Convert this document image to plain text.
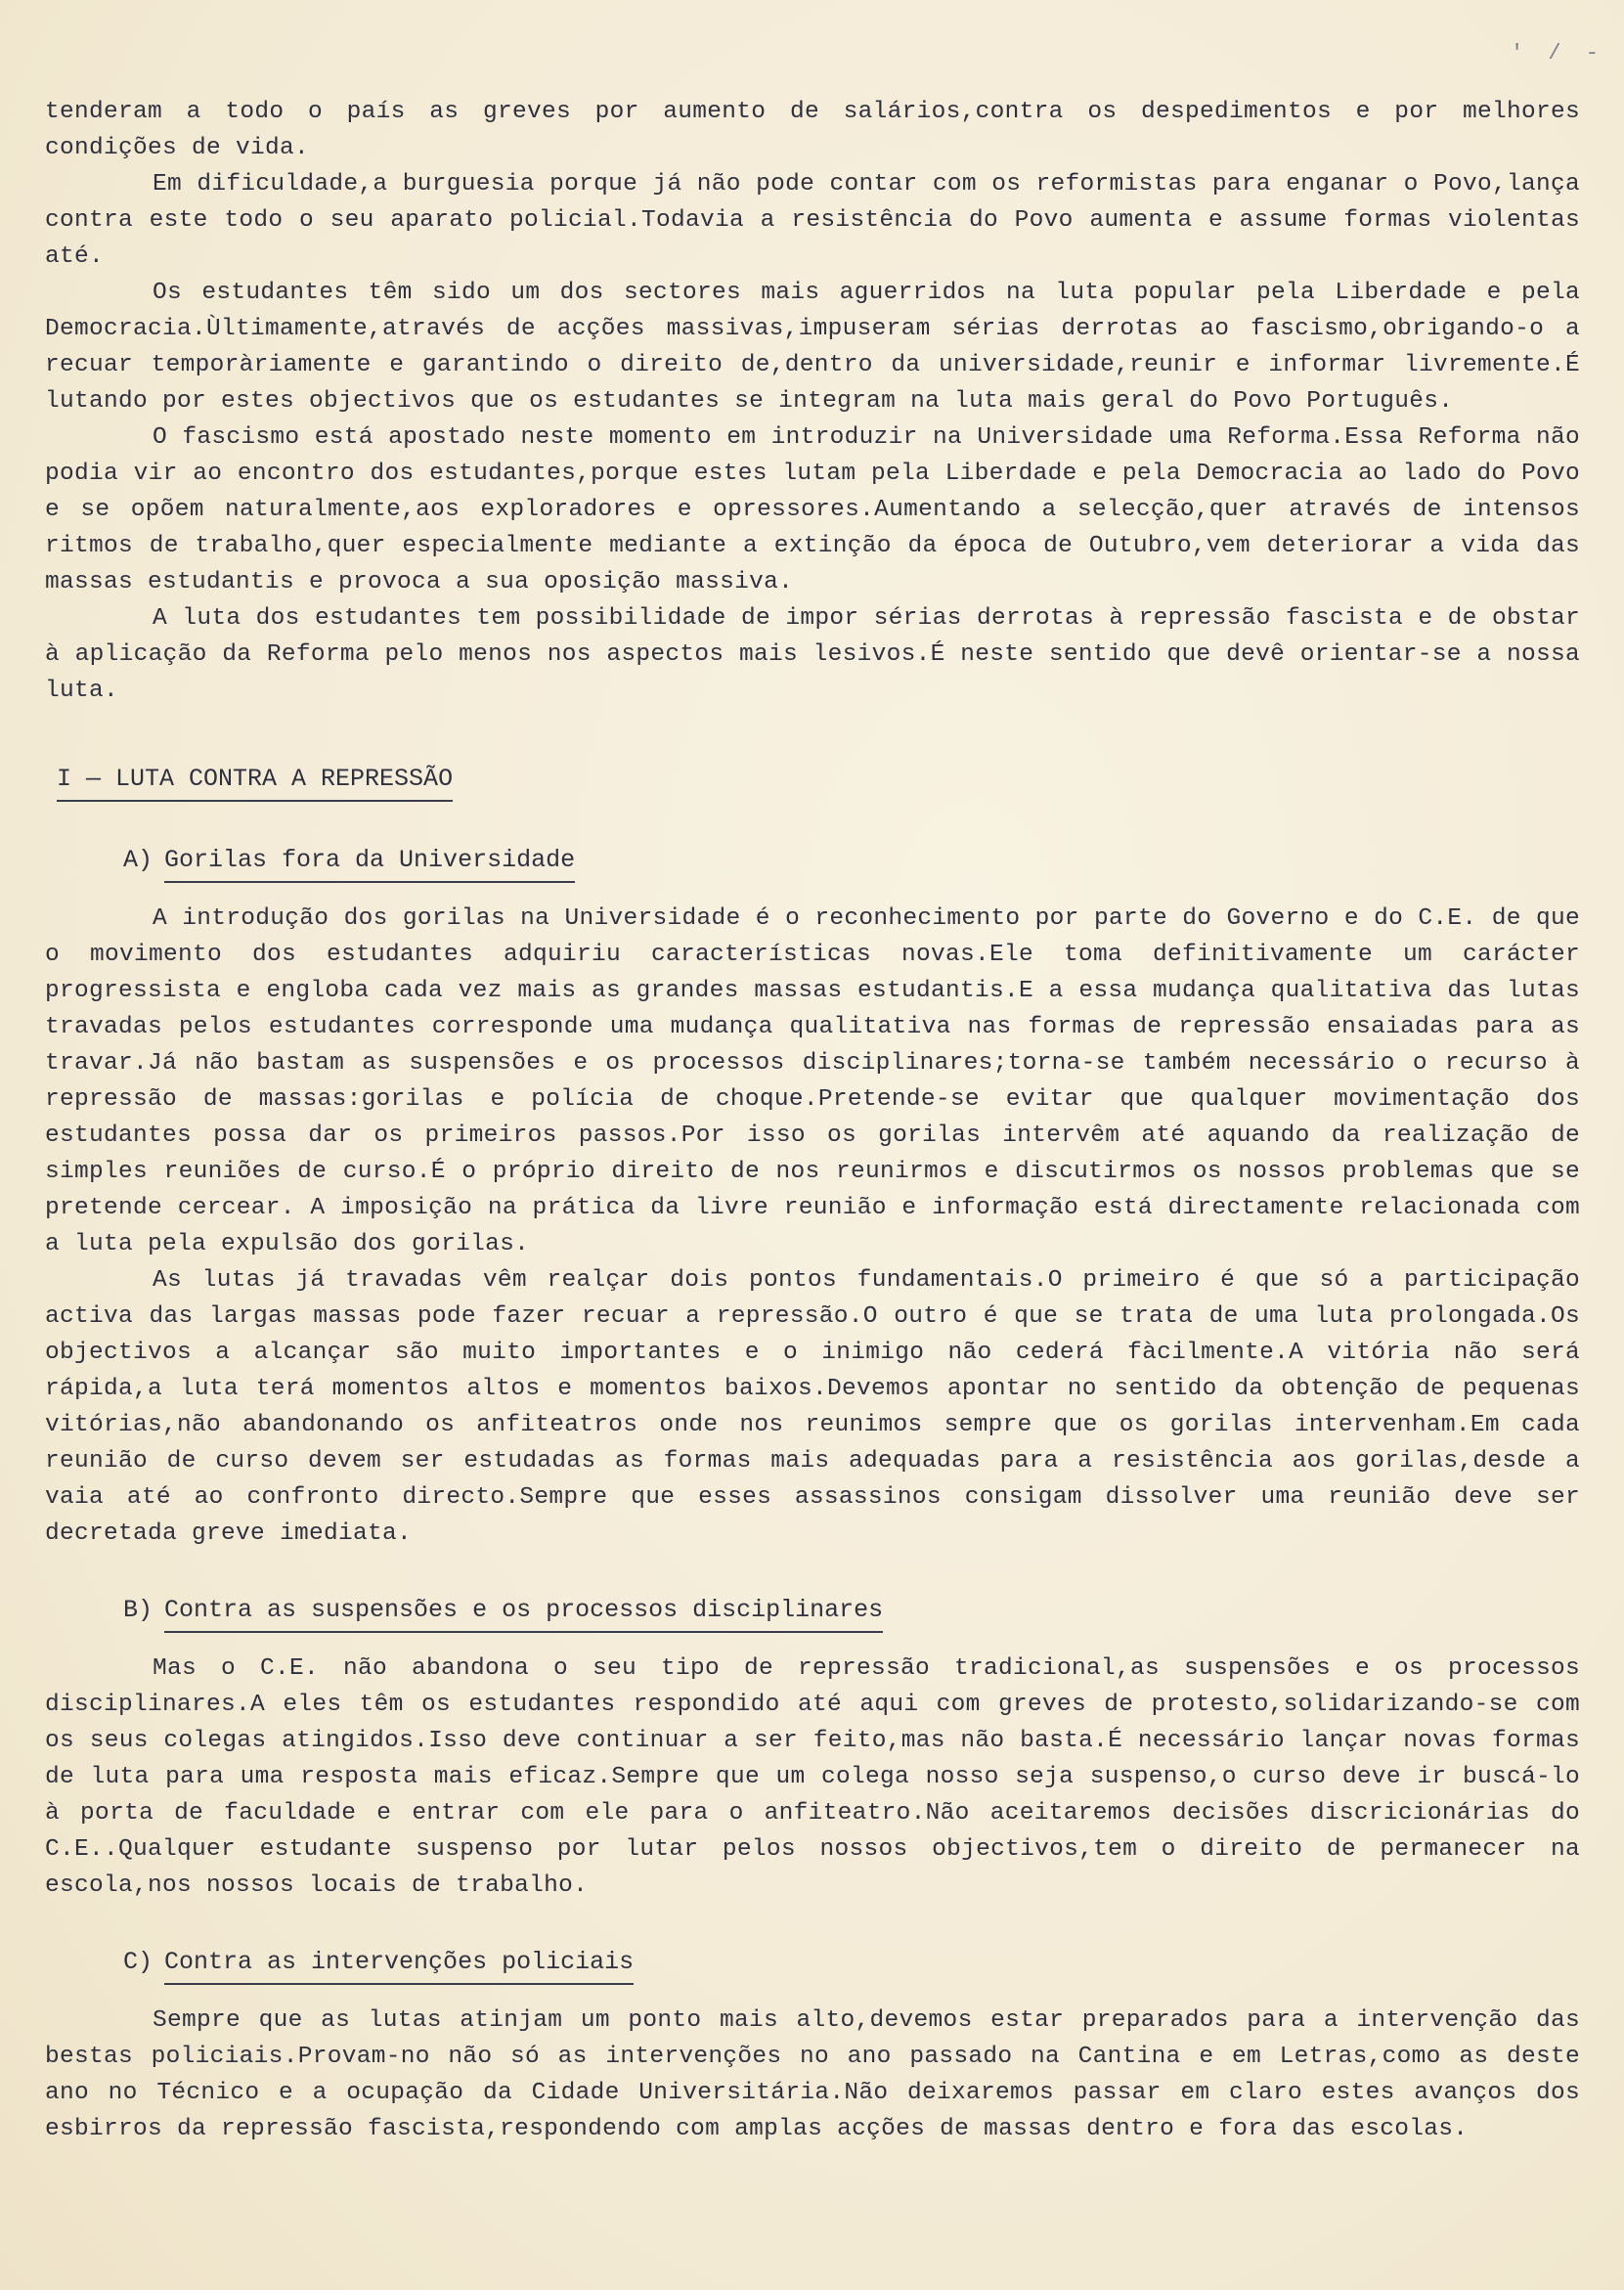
' / -

tenderam a todo o país as greves por aumento de salários,contra os despedimentos e por melhores condições de vida.

Em dificuldade,a burguesia porque já não pode contar com os reformistas para enganar o Povo,lança contra este todo o seu aparato policial.Todavia a resistência do Povo aumenta e assume formas violentas até.

Os estudantes têm sido um dos sectores mais aguerridos na luta popular pela Liberdade e pela Democracia.Ùltimamente,através de acções massivas,impuseram sérias derrotas ao fascismo,obrigando-o a recuar temporàriamente e garantindo o direito de,dentro da universidade,reunir e informar livremente.É lutando por estes objectivos que os estudantes se integram na luta mais geral do Povo Português.

O fascismo está apostado neste momento em introduzir na Universidade uma Reforma.Essa Reforma não podia vir ao encontro dos estudantes,porque estes lutam pela Liberdade e pela Democracia ao lado do Povo e se opõem naturalmente,aos exploradores e opressores.Aumentando a selecção,quer através de intensos ritmos de trabalho,quer especialmente mediante a extinção da época de Outubro,vem deteriorar a vida das massas estudantis e provoca a sua oposição massiva.

A luta dos estudantes tem possibilidade de impor sérias derrotas à repressão fascista e de obstar à aplicação da Reforma pelo menos nos aspectos mais lesivos.É neste sentido que devê orientar-se a nossa luta.

I — LUTA CONTRA A REPRESSÃO
A) Gorilas fora da Universidade

A introdução dos gorilas na Universidade é o reconhecimento por parte do Governo e do C.E. de que o movimento dos estudantes adquiriu características novas.Ele toma definitivamente um carácter progressista e engloba cada vez mais as grandes massas estudantis.E a essa mudança qualitativa das lutas travadas pelos estudantes corresponde uma mudança qualitativa nas formas de repressão ensaiadas para as travar.Já não bastam as suspensões e os processos disciplinares;torna-se também necessário o recurso à repressão de massas:gorilas e polícia de choque.Pretende-se evitar que qualquer movimentação dos estudantes possa dar os primeiros passos.Por isso os gorilas intervêm até aquando da realização de simples reuniões de curso.É o próprio direito de nos reunirmos e discutirmos os nossos problemas que se pretende cercear. A imposição na prática da livre reunião e informação está directamente relacionada com a luta pela expulsão dos gorilas.

As lutas já travadas vêm realçar dois pontos fundamentais.O primeiro é que só a participação activa das largas massas pode fazer recuar a repressão.O outro é que se trata de uma luta prolongada.Os objectivos a alcançar são muito importantes e o inimigo não cederá fàcilmente.A vitória não será rápida,a luta terá momentos altos e momentos baixos.Devemos apontar no sentido da obtenção de pequenas vitórias,não abandonando os anfiteatros onde nos reunimos sempre que os gorilas intervenham.Em cada reunião de curso devem ser estudadas as formas mais adequadas para a resistência aos gorilas,desde a vaia até ao confronto directo.Sempre que esses assassinos consigam dissolver uma reunião deve ser decretada greve imediata.

B) Contra as suspensões e os processos disciplinares

Mas o C.E. não abandona o seu tipo de repressão tradicional,as suspensões e os processos disciplinares.A eles têm os estudantes respondido até aqui com greves de protesto,solidarizando-se com os seus colegas atingidos.Isso deve continuar a ser feito,mas não basta.É necessário lançar novas formas de luta para uma resposta mais eficaz.Sempre que um colega nosso seja suspenso,o curso deve ir buscá-lo à porta de faculdade e entrar com ele para o anfiteatro.Não aceitaremos decisões discricionárias do C.E..Qualquer estudante suspenso por lutar pelos nossos objectivos,tem o direito de permanecer na escola,nos nossos locais de trabalho.

C) Contra as intervenções policiais

Sempre que as lutas atinjam um ponto mais alto,devemos estar preparados para a intervenção das bestas policiais.Provam-no não só as intervenções no ano passado na Cantina e em Letras,como as deste ano no Técnico e a ocupação da Cidade Universitária.Não deixaremos passar em claro estes avanços dos esbirros da repressão fascista,respondendo com amplas acções de massas dentro e fora das escolas.
